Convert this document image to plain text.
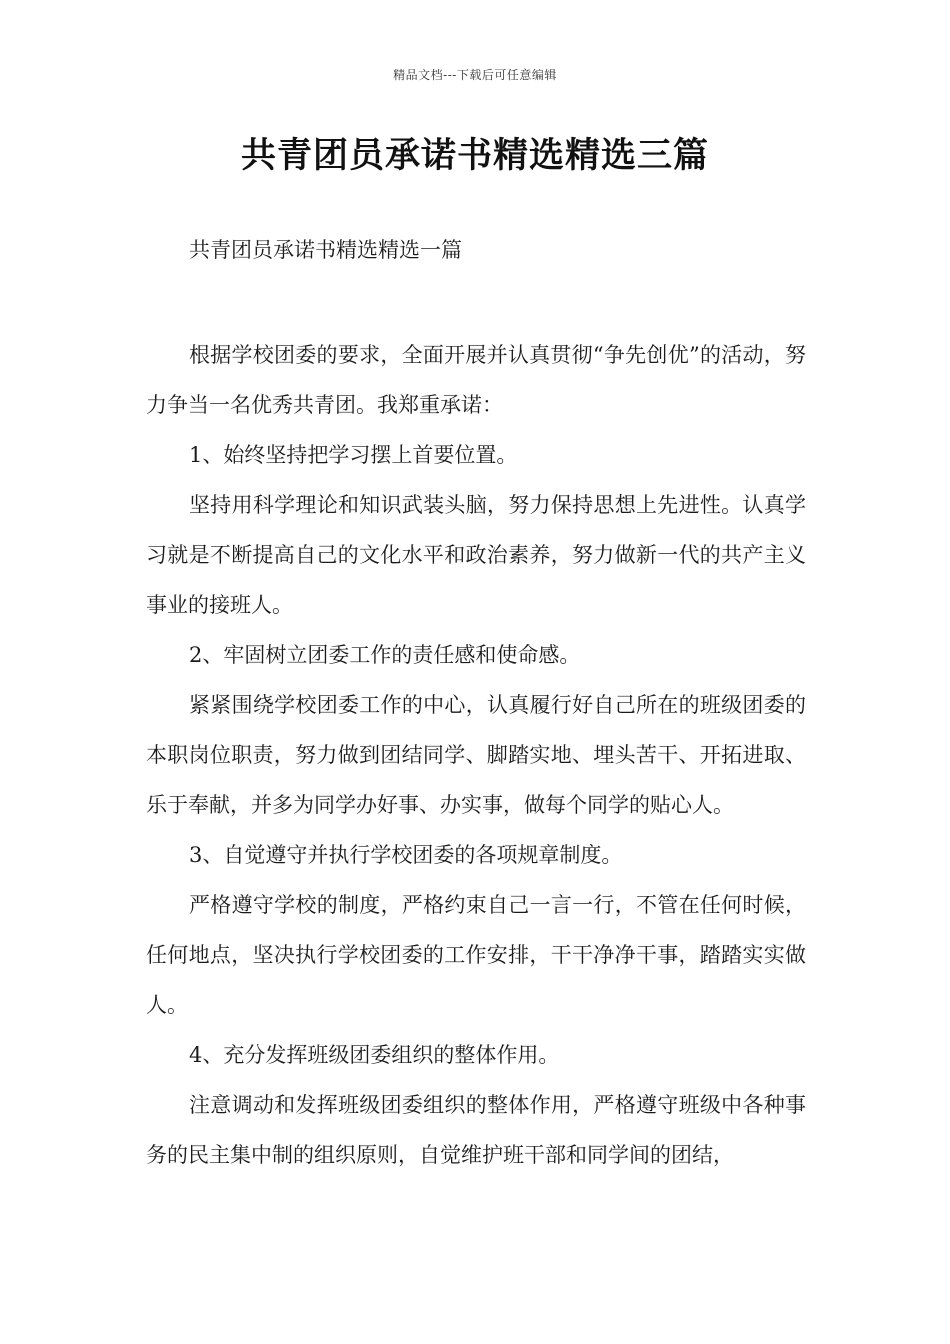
精品文档---下载后可任意编辑
共青团员承诺书精选精选三篇
共青团员承诺书精选精选一篇

根据学校团委的要求，全面开展并认真贯彻“争先创优”的活动，努力争当一名优秀共青团。我郑重承诺：

1、始终坚持把学习摆上首要位置。

坚持用科学理论和知识武装头脑，努力保持思想上先进性。认真学习就是不断提高自己的文化水平和政治素养，努力做新一代的共产主义事业的接班人。

2、牢固树立团委工作的责任感和使命感。

紧紧围绕学校团委工作的中心，认真履行好自己所在的班级团委的本职岗位职责，努力做到团结同学、脚踏实地、埋头苦干、开拓进取、乐于奉献，并多为同学办好事、办实事，做每个同学的贴心人。

3、自觉遵守并执行学校团委的各项规章制度。

严格遵守学校的制度，严格约束自己一言一行，不管在任何时候，任何地点，坚决执行学校团委的工作安排，干干净净干事，踏踏实实做人。

4、充分发挥班级团委组织的整体作用。

注意调动和发挥班级团委组织的整体作用，严格遵守班级中各种事务的民主集中制的组织原则，自觉维护班干部和同学间的团结，
